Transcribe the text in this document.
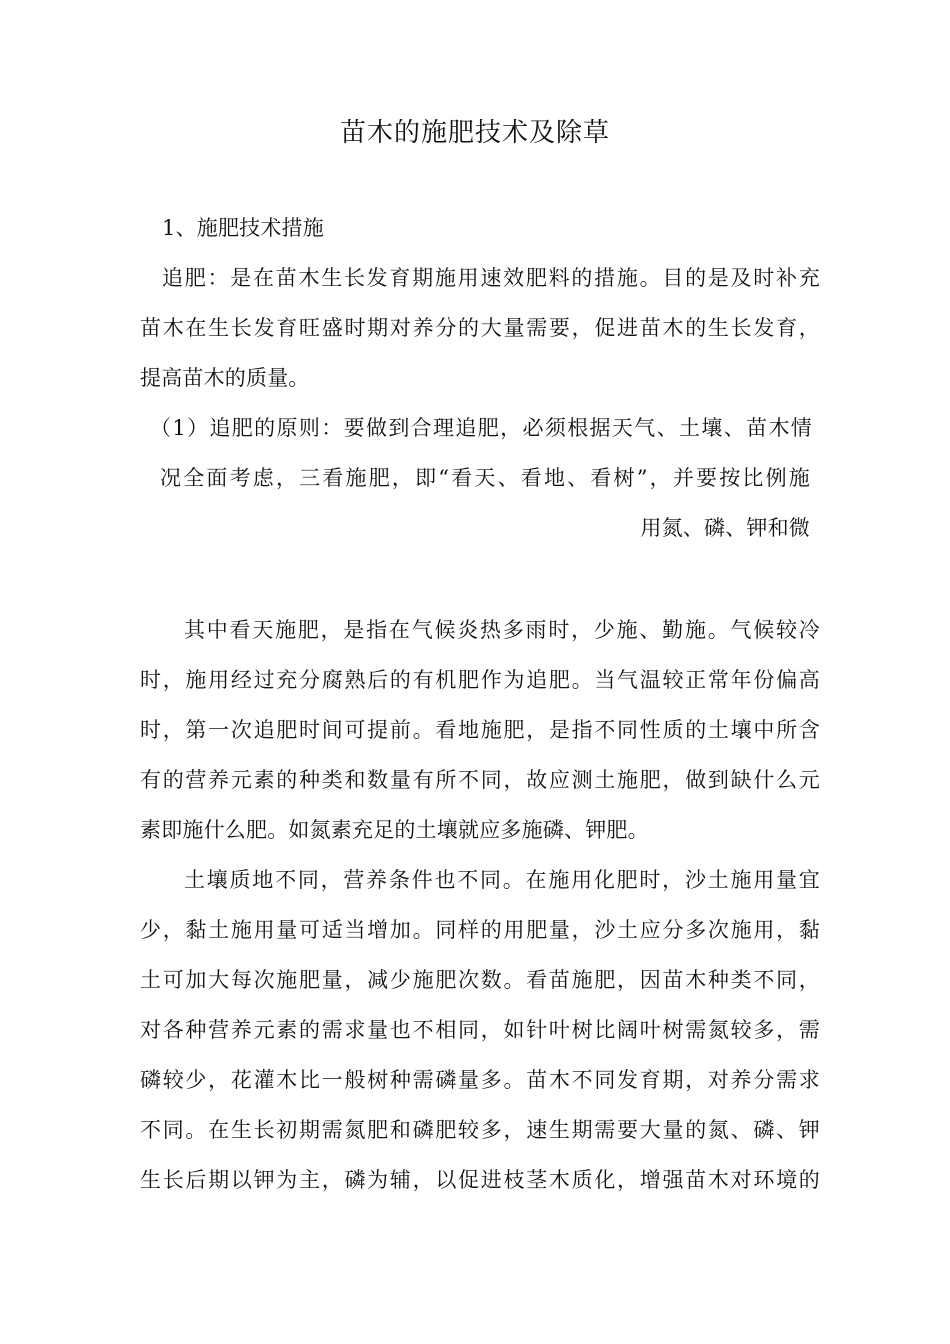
苗木的施肥技术及除草

1、施肥技术措施

追肥：是在苗木生长发育期施用速效肥料的措施。目的是及时补充

苗木在生长发育旺盛时期对养分的大量需要，促进苗木的生长发育，

提高苗木的质量。

（1）追肥的原则：要做到合理追肥，必须根据天气、土壤、苗木情

况全面考虑，三看施肥，即“看天、看地、看树”，并要按比例施

用氮、磷、钾和微

其中看天施肥，是指在气候炎热多雨时，少施、勤施。气候较冷

时，施用经过充分腐熟后的有机肥作为追肥。当气温较正常年份偏高

时，第一次追肥时间可提前。看地施肥，是指不同性质的土壤中所含

有的营养元素的种类和数量有所不同，故应测土施肥，做到缺什么元

素即施什么肥。如氮素充足的土壤就应多施磷、钾肥。

土壤质地不同，营养条件也不同。在施用化肥时，沙土施用量宜

少，黏土施用量可适当增加。同样的用肥量，沙土应分多次施用，黏

土可加大每次施肥量，减少施肥次数。看苗施肥，因苗木种类不同，

对各种营养元素的需求量也不相同，如针叶树比阔叶树需氮较多，需

磷较少，花灌木比一般树种需磷量多。苗木不同发育期，对养分需求

不同。在生长初期需氮肥和磷肥较多，速生期需要大量的氮、磷、钾

生长后期以钾为主，磷为辅，以促进枝茎木质化，增强苗木对环境的
